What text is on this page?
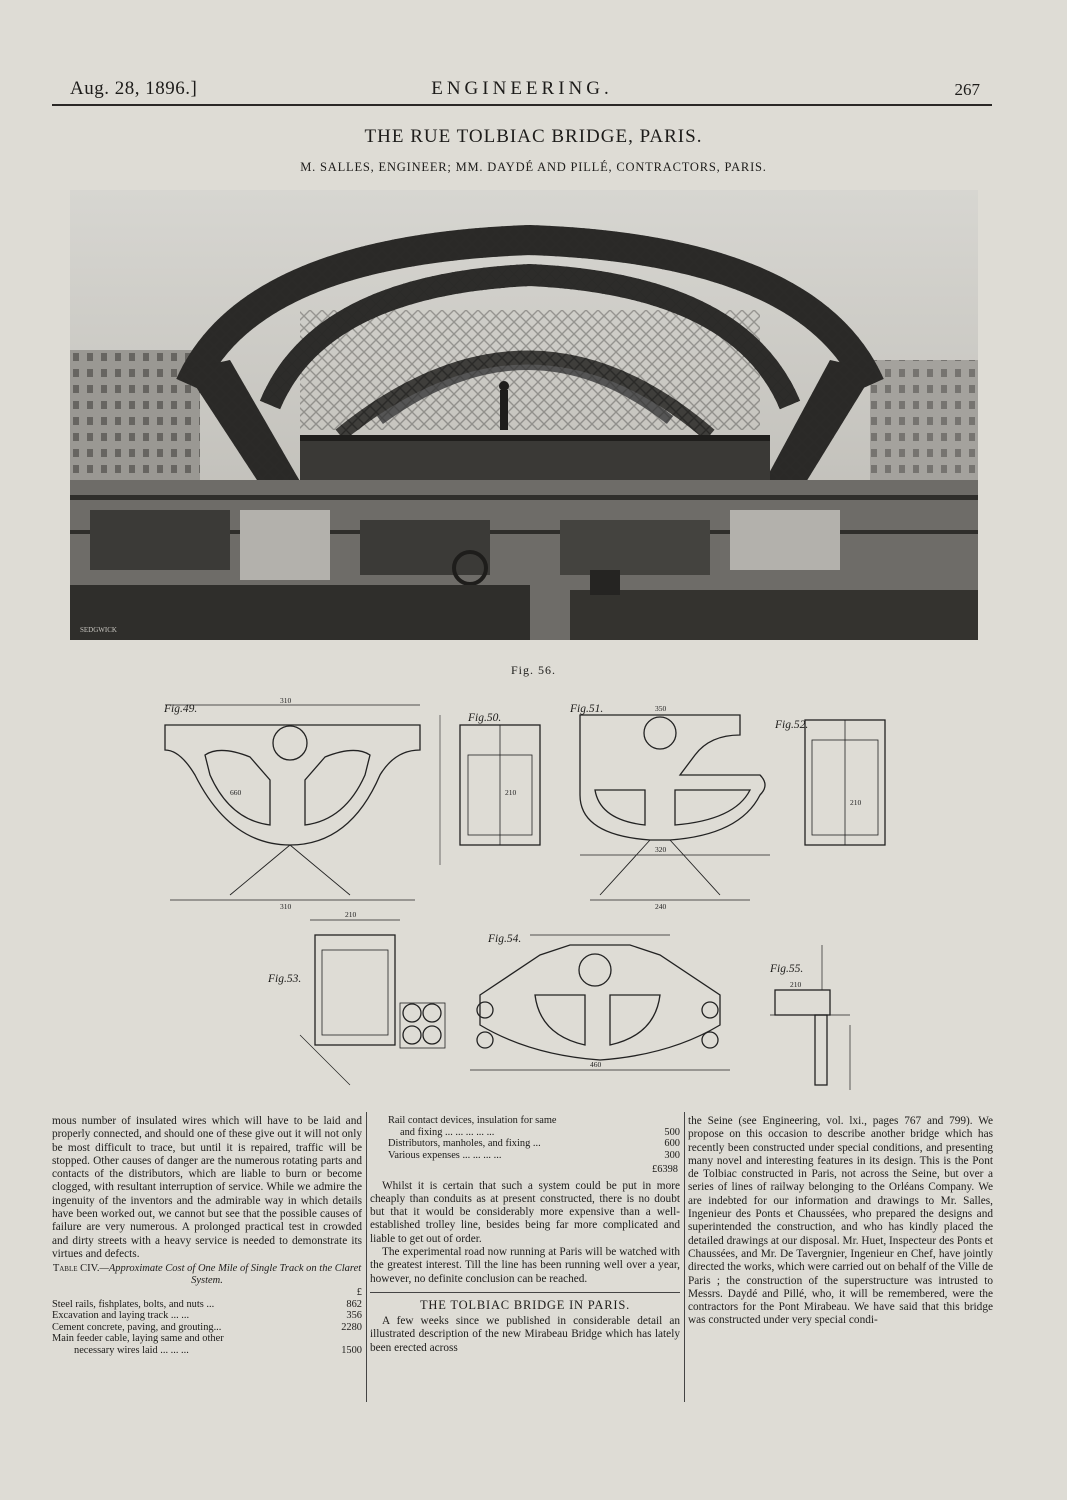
ENGINEERING.
Aug. 28, 1896.]	267
THE RUE TOLBIAC BRIDGE, PARIS.
M. SALLES, ENGINEER; MM. DAYDÉ AND PILLÉ, CONTRACTORS, PARIS.
SEDGWICK
Fig. 56.
310
660
310
210
350
320
240
210
210
460
210
Fig.49.
Fig.50.
Fig.51.
Fig.52.
Fig.53.
Fig.54.
Fig.55.

mous number of insulated wires which will have to be laid and properly connected, and should one of these give out it will not only be most difficult to trace, but until it is repaired, traffic will be stopped. Other causes of danger are the numerous rotating parts and contacts of the distributors, which are liable to burn or become clogged, with resultant interruption of service. While we admire the ingenuity of the inventors and the admirable way in which details have been worked out, we cannot but see that the possible causes of failure are very numerous. A prolonged practical test in crowded and dirty streets with a heavy service is needed to demonstrate its virtues and defects.

Table CIV.—Approximate Cost of One Mile of Single Track on the Claret System.
£
Steel rails, fishplates, bolts, and nuts ...	862
Excavation and laying track ... ...	356
Cement concrete, paving, and grouting...	2280
Main feeder cable, laying same and other
necessary wires laid ... ... ...	1500
Rail contact devices, insulation for same
and fixing ... ... ... ... ...	500
Distributors, manholes, and fixing ...	600
Various expenses ... ... ... ...	300
£6398

Whilst it is certain that such a system could be put in more cheaply than conduits as at present constructed, there is no doubt but that it would be considerably more expensive than a well-established trolley line, besides being far more complicated and liable to get out of order.

The experimental road now running at Paris will be watched with the greatest interest. Till the line has been running well over a year, however, no definite conclusion can be reached.

THE TOLBIAC BRIDGE IN PARIS.

A few weeks since we published in considerable detail an illustrated description of the new Mirabeau Bridge which has lately been erected across

the Seine (see Engineering, vol. lxi., pages 767 and 799). We propose on this occasion to describe another bridge which has recently been constructed under special conditions, and presenting many novel and interesting features in its design. This is the Pont de Tolbiac constructed in Paris, not across the Seine, but over a series of lines of railway belonging to the Orléans Company. We are indebted for our information and drawings to Mr. Salles, Ingenieur des Ponts et Chaussées, who prepared the designs and superintended the construction, and who has kindly placed the detailed drawings at our disposal. Mr. Huet, Inspecteur des Ponts et Chaussées, and Mr. De Tavergnier, Ingenieur en Chef, have jointly directed the works, which were carried out on behalf of the Ville de Paris ; the construction of the superstructure was intrusted to Messrs. Daydé and Pillé, who, it will be remembered, were the contractors for the Pont Mirabeau. We have said that this bridge was constructed under very special condi-
